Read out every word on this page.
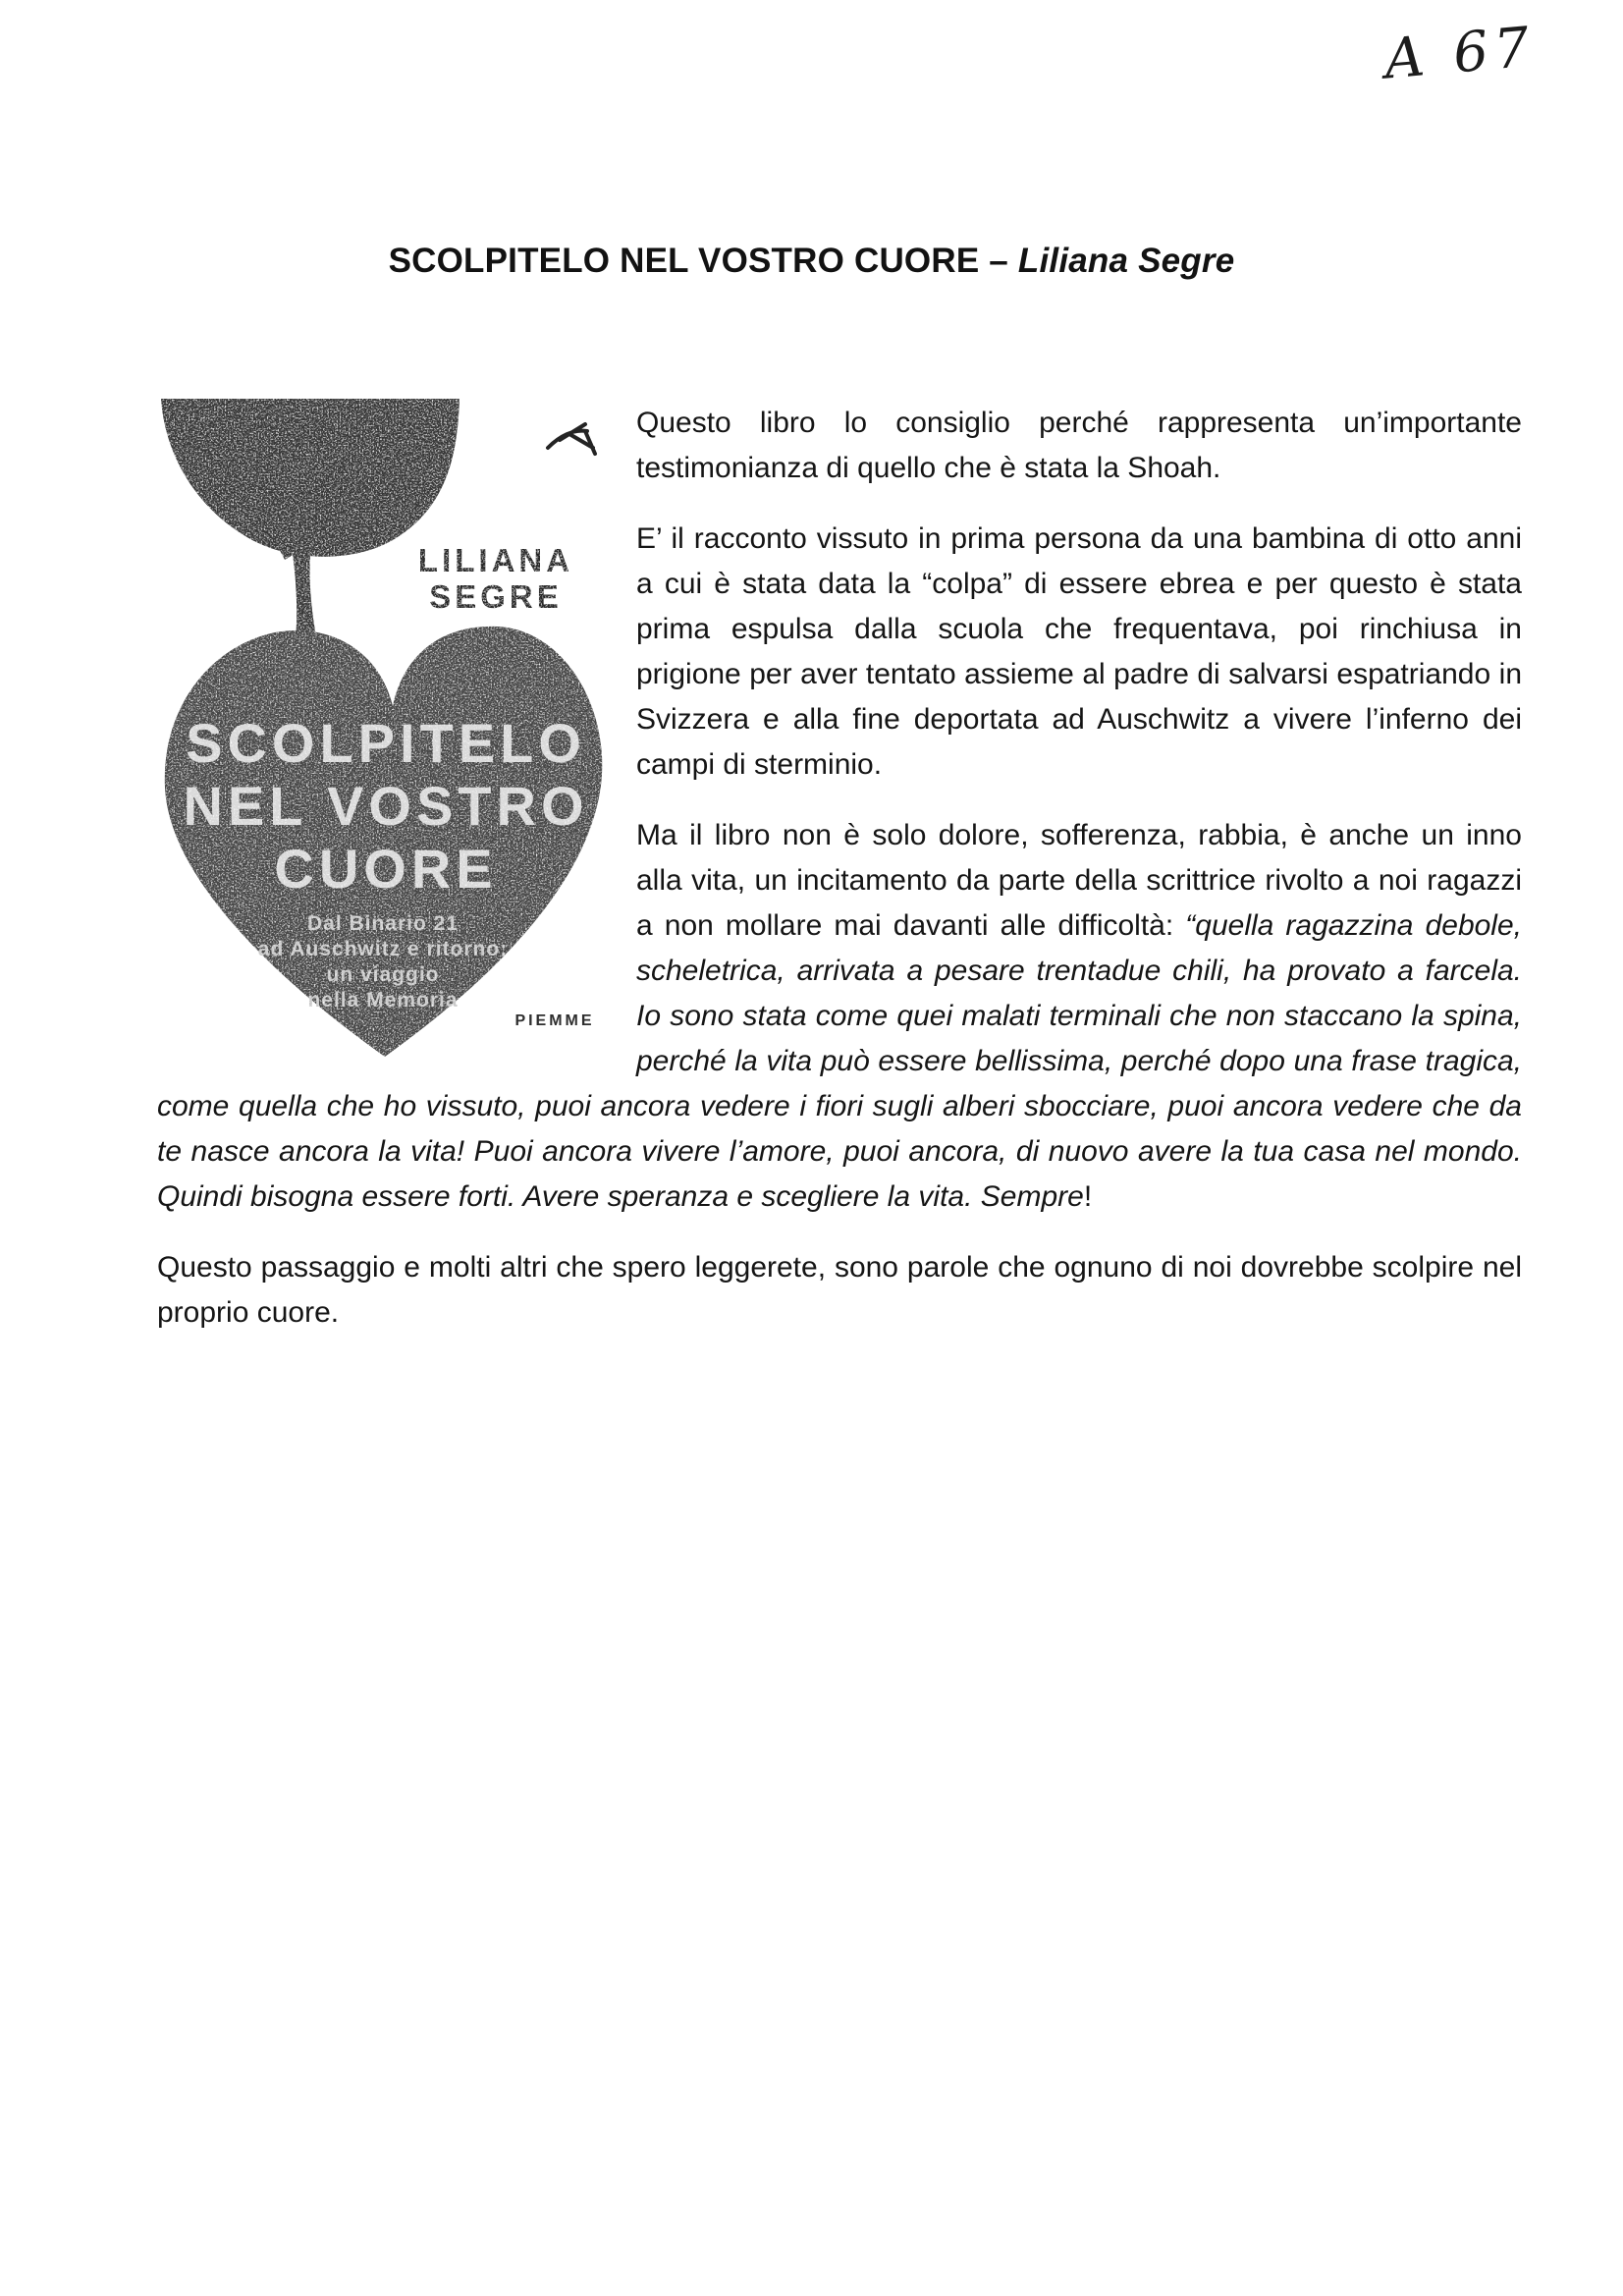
A 67
SCOLPITELO NEL VOSTRO CUORE – Liliana Segre
LILIANA
SEGRE
SCOLPITELO
NEL VOSTRO
CUORE
Dal Binario 21
ad Auschwitz e ritorno:
un viaggio
nella Memoria
PIEMME

Questo libro lo consiglio perché rappresenta un’importante testimonianza di quello che è stata la Shoah.

E’ il racconto vissuto in prima persona da una bambina di otto anni a cui è stata data la “colpa” di essere ebrea e per questo è stata prima espulsa dalla scuola che frequentava, poi rinchiusa in prigione per aver tentato assieme al padre di salvarsi espatriando in Svizzera e alla fine deportata ad Auschwitz a vivere l’inferno dei campi di sterminio.

Ma il libro non è solo dolore, sofferenza, rabbia, è anche un inno alla vita, un incitamento da parte della scrittrice rivolto a noi ragazzi a non mollare mai davanti alle difficoltà: “quella ragazzina debole, scheletrica, arrivata a pesare trentadue chili, ha provato a farcela. Io sono stata come quei malati terminali che non staccano la spina, perché la vita può essere bellissima, perché dopo una frase tragica, come quella che ho vissuto, puoi ancora vedere i fiori sugli alberi sbocciare, puoi ancora vedere che da te nasce ancora la vita! Puoi ancora vivere l’amore, puoi ancora, di nuovo avere la tua casa nel mondo. Quindi bisogna essere forti. Avere speranza e scegliere la vita. Sempre!

Questo passaggio e molti altri che spero leggerete, sono parole che ognuno di noi dovrebbe scolpire nel proprio cuore.
